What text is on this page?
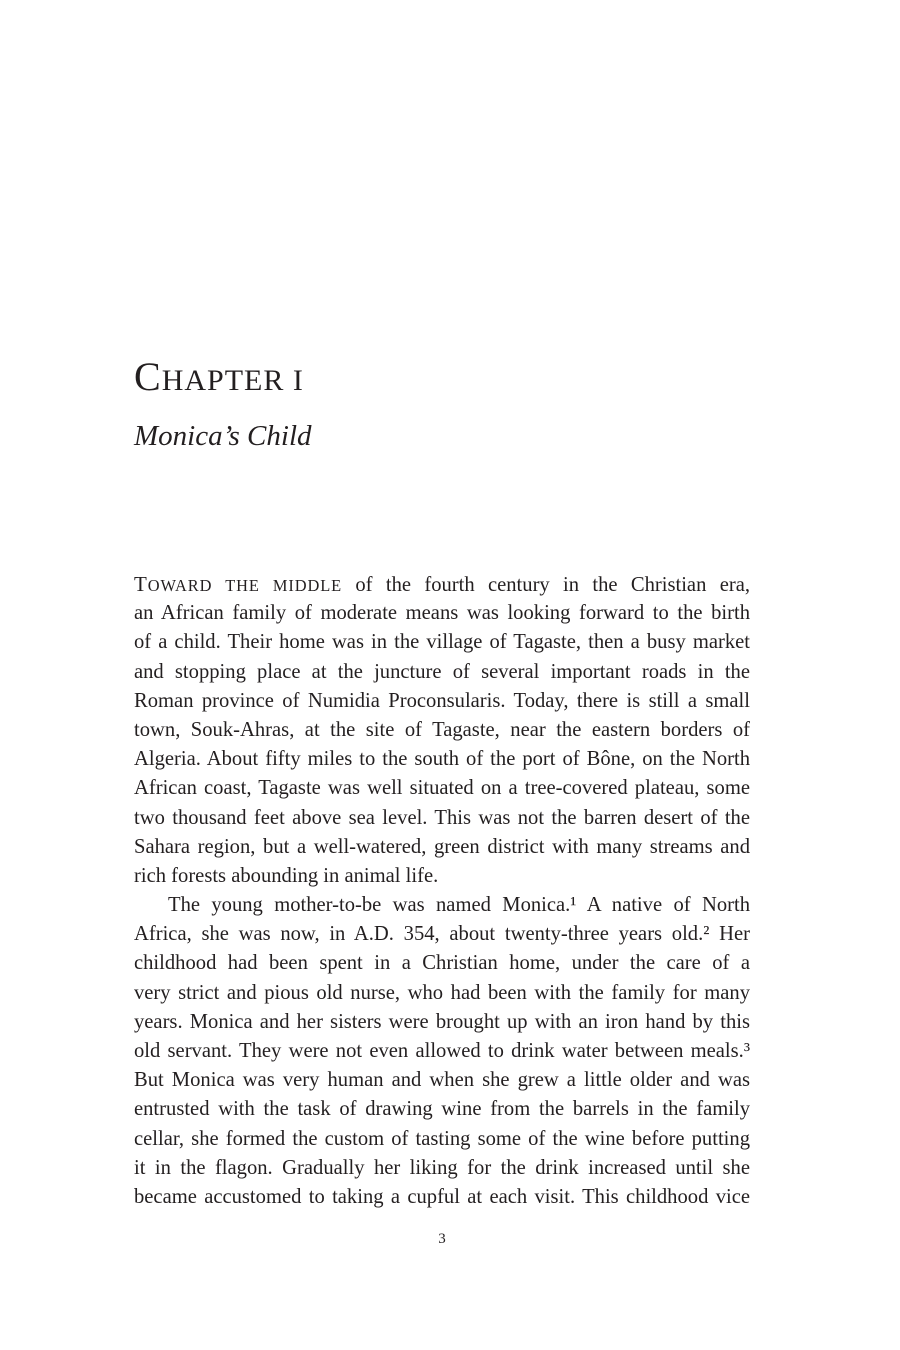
CHAPTER I
Monica’s Child
TOWARD THE MIDDLE of the fourth century in the Christian era,
an African family of moderate means was looking forward to the birth
of a child. Their home was in the village of Tagaste, then a busy market
and stopping place at the juncture of several important roads in the
Roman province of Numidia Proconsularis. Today, there is still a small
town, Souk-Ahras, at the site of Tagaste, near the eastern borders of
Algeria. About fifty miles to the south of the port of Bône, on the North
African coast, Tagaste was well situated on a tree-covered plateau, some
two thousand feet above sea level. This was not the barren desert of the
Sahara region, but a well-watered, green district with many streams and
rich forests abounding in animal life.
The young mother-to-be was named Monica.¹ A native of North
Africa, she was now, in A.D. 354, about twenty-three years old.² Her
childhood had been spent in a Christian home, under the care of a
very strict and pious old nurse, who had been with the family for many
years. Monica and her sisters were brought up with an iron hand by this
old servant. They were not even allowed to drink water between meals.³
But Monica was very human and when she grew a little older and was
entrusted with the task of drawing wine from the barrels in the family
cellar, she formed the custom of tasting some of the wine before putting
it in the flagon. Gradually her liking for the drink increased until she
became accustomed to taking a cupful at each visit. This childhood vice
3
